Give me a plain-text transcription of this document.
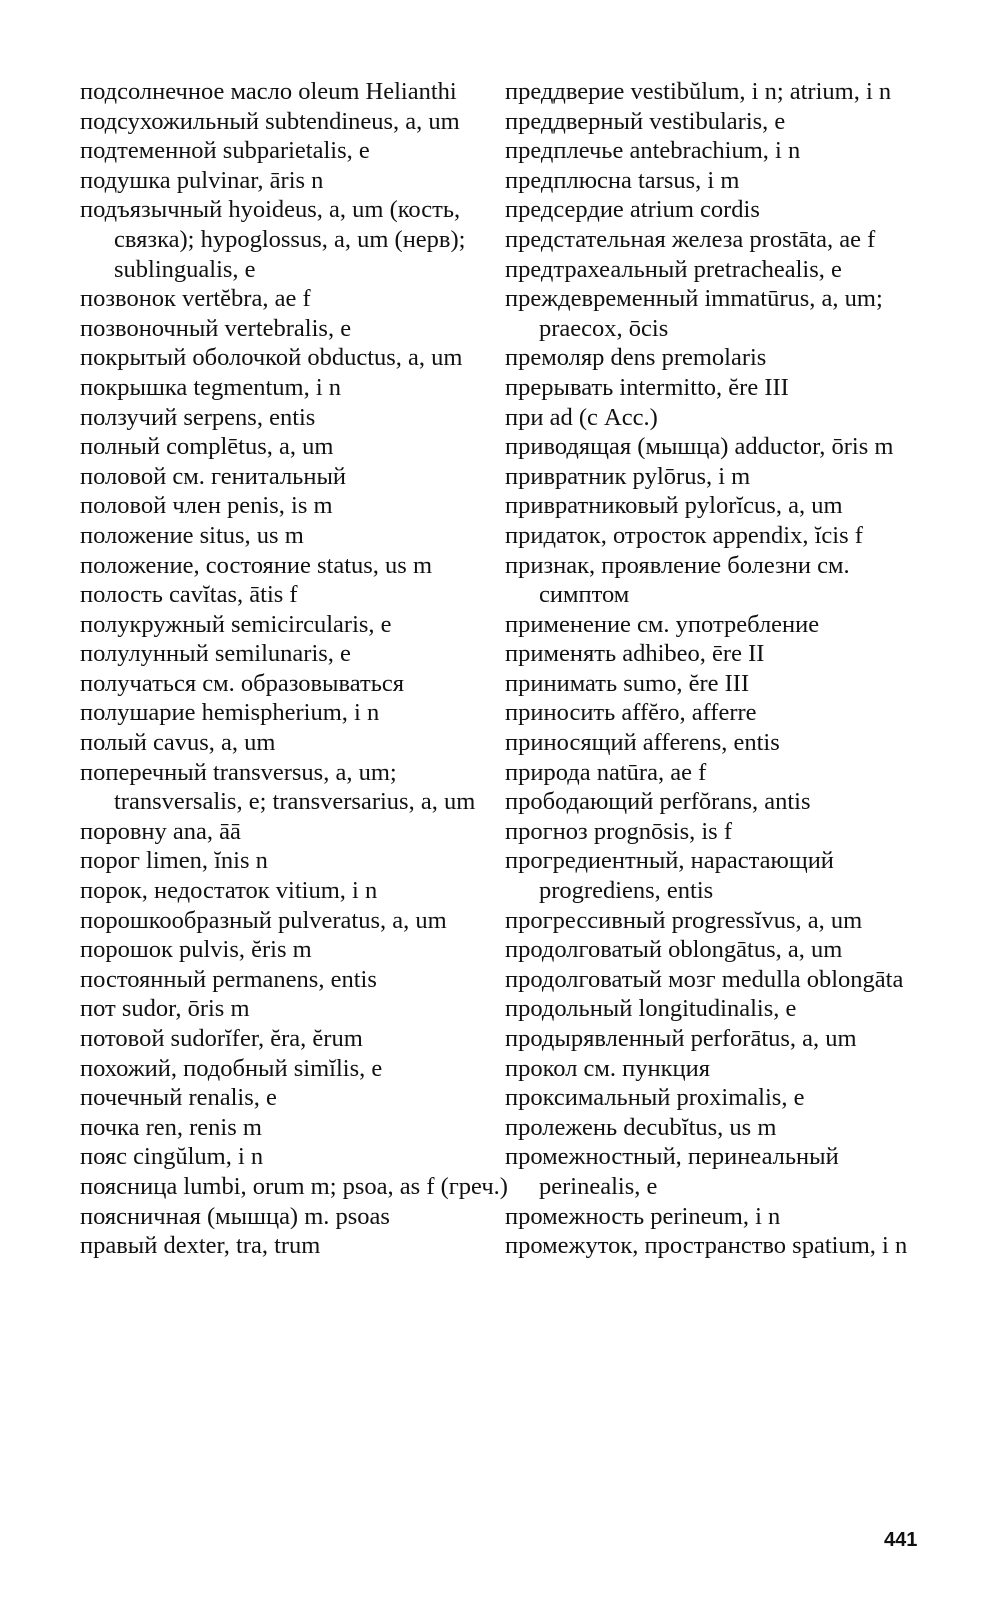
подсолнечное масло oleum Helianthi

подсухожильный subtendineus, a, um

подтеменной subparietalis, e

подушка pulvinar, āris n

подъязычный hyoideus, a, um (кость, связка); hypoglossus, a, um (нерв); sublingualis, e

позвонок vertĕbra, ae f

позвоночный vertebralis, e

покрытый оболочкой obductus, a, um

покрышка tegmentum, i n

ползучий serpens, entis

полный complētus, a, um

половой см. генитальный

половой член penis, is m

положение situs, us m

положение, состояние status, us m

полость cavĭtas, ātis f

полукружный semicircularis, e

полулунный semilunaris, e

получаться см. образовываться

полушарие hemispherium, i n

полый cavus, a, um

поперечный transversus, a, um; transversalis, e; transversarius, a, um

поровну ana, āā

порог limen, ĭnis n

порок, недостаток vitium, i n

порошкообразный pulveratus, a, um

порошок pulvis, ĕris m

постоянный permanens, entis

пот sudor, ōris m

потовой sudorĭfer, ĕra, ĕrum

похожий, подобный simĭlis, e

почечный renalis, e

почка ren, renis m

пояс cingŭlum, i n

поясница lumbi, orum m; psoa, as f (греч.)

поясничная (мышца) m. psoas

правый dexter, tra, trum

преддверие vestibŭlum, i n; atrium, i n

преддверный vestibularis, e

предплечье antebrachium, i n

предплюсна tarsus, i m

предсердие atrium cordis

предстательная железа prostāta, ae f

предтрахеальный pretrachealis, e

преждевременный immatūrus, a, um; praecox, ōcis

премоляр dens premolaris

прерывать intermitto, ĕre III

при ad (с Acc.)

приводящая (мышца) adductor, ōris m

привратник pylōrus, i m

привратниковый pylorĭcus, a, um

придаток, отросток appendix, ĭcis f

признак, проявление болезни см. симптом

применение см. употребление

применять adhibeo, ēre II

принимать sumo, ĕre III

приносить affĕro, afferre

приносящий afferens, entis

природа natūra, ae f

прободающий perfŏrans, antis

прогноз prognōsis, is f

прогредиентный, нарастающий progrediens, entis

прогрессивный progressĭvus, a, um

продолговатый oblongātus, a, um

продолговатый мозг medulla oblongāta

продольный longitudinalis, e

продырявленный perforātus, a, um

прокол см. пункция

проксимальный proximalis, e

пролежень decubĭtus, us m

промежностный, перинеальный perinealis, e

промежность perineum, i n

промежуток, пространство spatium, i n

441
